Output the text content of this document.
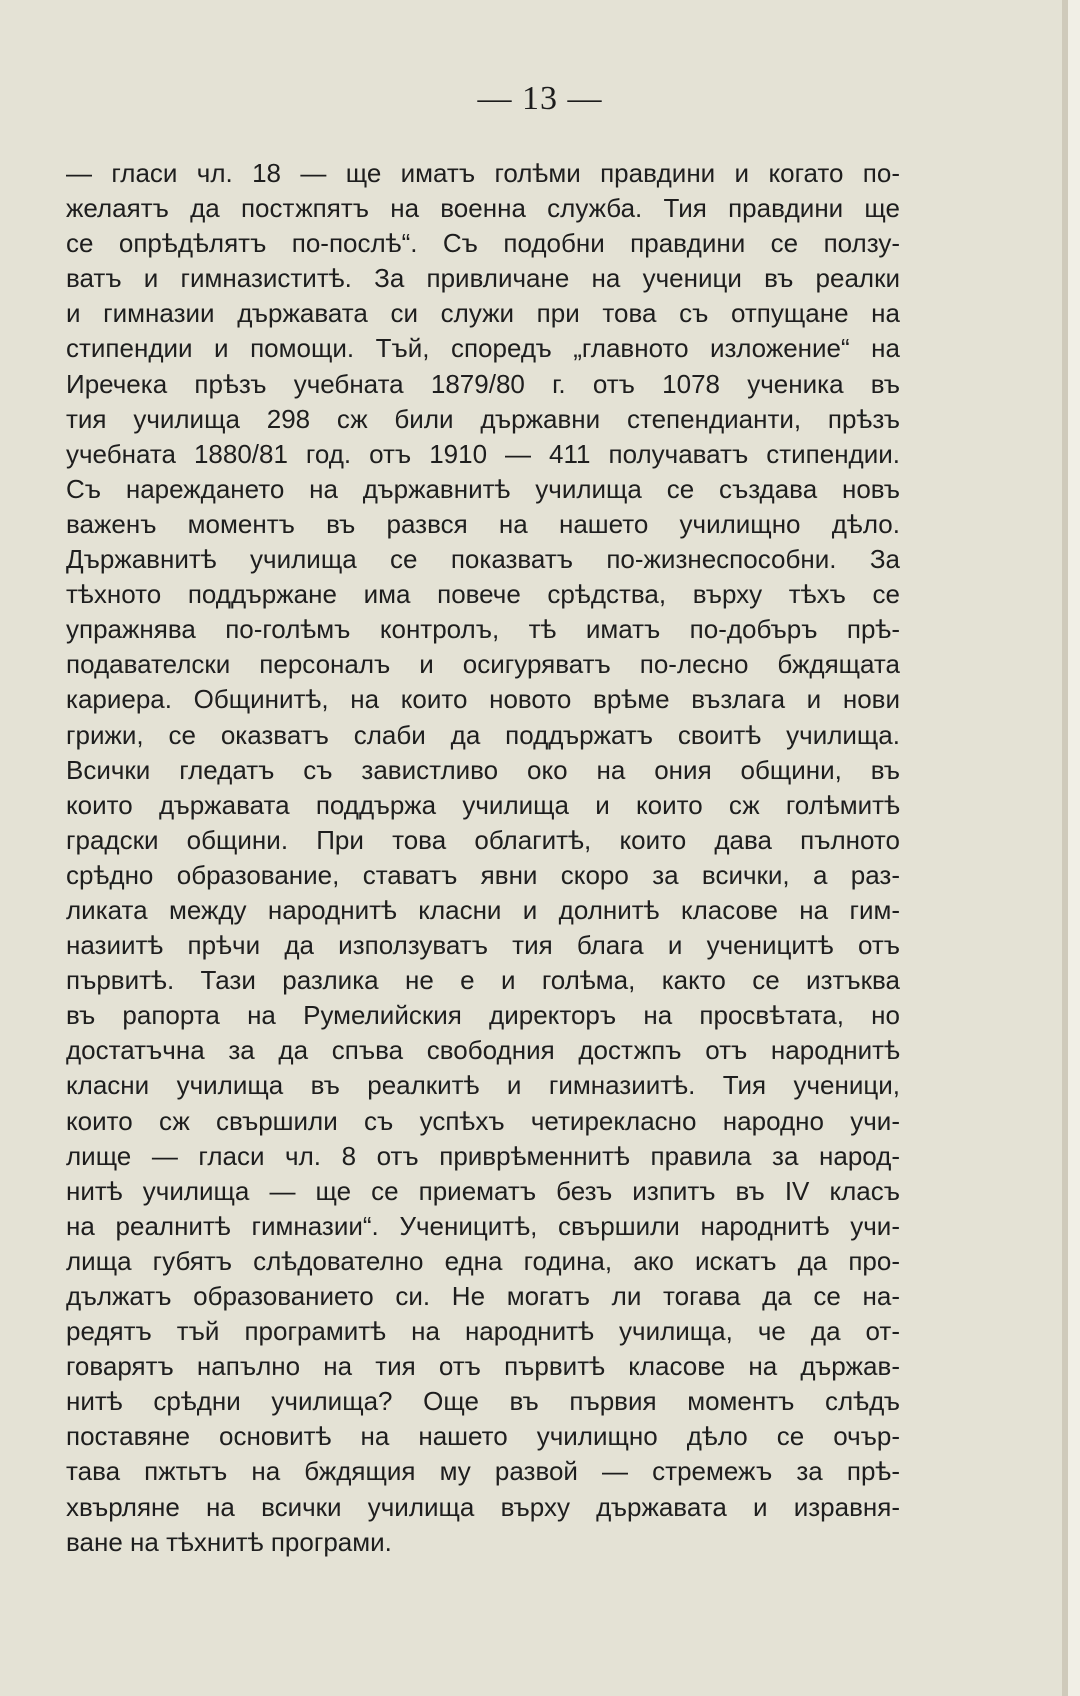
— 13 —
— гласи чл. 18 — ще иматъ голѣми правдини и когато по-
желаятъ да постжпятъ на военна служба. Тия правдини ще
се опрѣдѣлятъ по-послѣ“. Съ подобни правдини се ползу-
ватъ и гимназиститѣ. За привличане на ученици въ реалки
и гимназии държавата си служи при това съ отпущане на
стипендии и помощи. Тъй, споредъ „главното изложение“ на
Иречека прѣзъ учебната 1879/80 г. отъ 1078 ученика въ
тия училища 298 сж били държавни степендианти, прѣзъ
учебната 1880/81 год. отъ 1910 — 411 получаватъ стипендии.
Съ нареждането на държавнитѣ училища се създава новъ
важенъ моментъ въ развся на нашето училищно дѣло.
Държавнитѣ училища се показватъ по-жизнеспособни. За
тѣхното поддържане има повече срѣдства, върху тѣхъ се
упражнява по-голѣмъ контролъ, тѣ иматъ по-добъръ прѣ-
подавателски персоналъ и осигуряватъ по-лесно бждящата
кариера. Общинитѣ, на които новото врѣме възлага и нови
грижи, се оказватъ слаби да поддържатъ своитѣ училища.
Всички гледатъ съ завистливо око на ония общини, въ
които държавата поддържа училища и които сж голѣмитѣ
градски общини. При това облагитѣ, които дава пълното
срѣдно образование, ставатъ явни скоро за всички, а раз-
ликата между народнитѣ класни и долнитѣ класове на гим-
назиитѣ прѣчи да използуватъ тия блага и ученицитѣ отъ
първитѣ. Тази разлика не е и голѣма, както се изтъква
въ рапорта на Румелийския директоръ на просвѣтата, но
достатъчна за да спъва свободния достжпъ отъ народнитѣ
класни училища въ реалкитѣ и гимназиитѣ. Тия ученици,
които сж свършили съ успѣхъ четирекласно народно учи-
лище — гласи чл. 8 отъ приврѣменнитѣ правила за народ-
нитѣ училища — ще се приематъ безъ изпитъ въ IV класъ
на реалнитѣ гимназии“. Ученицитѣ, свършили народнитѣ учи-
лища губятъ слѣдователно една година, ако искатъ да про-
дължатъ образованието си. Не могатъ ли тогава да се на-
редятъ тъй програмитѣ на народнитѣ училища, че да от-
говарятъ напълно на тия отъ първитѣ класове на държав-
нитѣ срѣдни училища? Още въ първия моментъ слѣдъ
поставяне основитѣ на нашето училищно дѣло се очър-
тава пжтьтъ на бждящия му развой — стремежъ за прѣ-
хвърляне на всички училища върху държавата и изравня-
ване на тѣхнитѣ програми.
